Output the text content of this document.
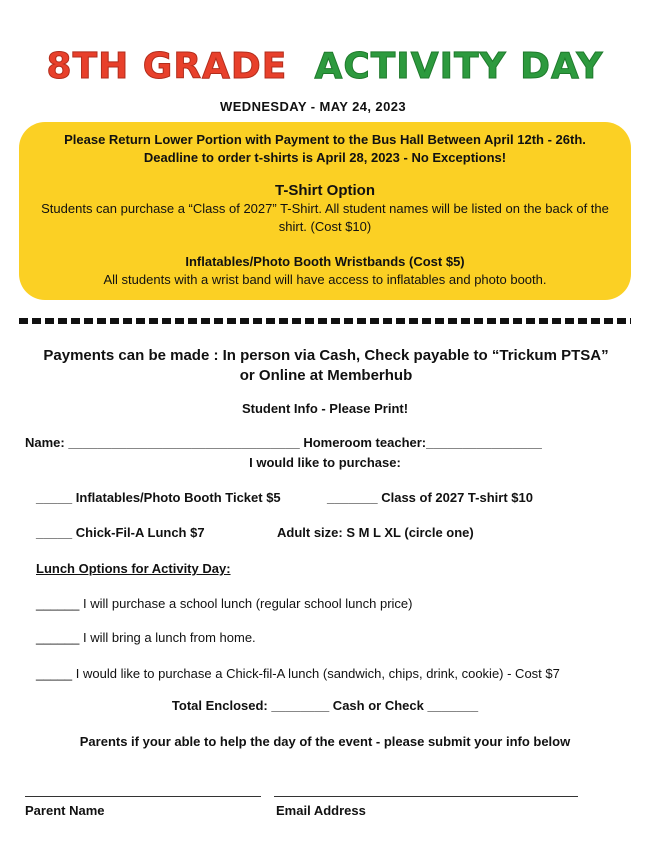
8TH GRADE ACTIVITY DAY
WEDNESDAY - MAY 24, 2023
Please Return Lower Portion with Payment to the Bus Hall Between April 12th - 26th.
Deadline to order t-shirts is April 28, 2023 - No Exceptions!
T-Shirt Option
Students can purchase a “Class of 2027” T-Shirt. All student names will be listed on the back of the shirt. (Cost $10)
Inflatables/Photo Booth Wristbands (Cost $5)
All students with a wrist band will have access to inflatables and photo booth.
Payments can be made : In person via Cash, Check payable to “Trickum PTSA” or Online at Memberhub
Student Info - Please Print!
Name: ________________________________ Homeroom teacher:________________
I would like to purchase:
_____ Inflatables/Photo Booth Ticket $5	_______ Class of 2027 T-shirt $10
_____ Chick-Fil-A Lunch $7	Adult size: S M L XL (circle one)
Lunch Options for Activity Day:
______ I will purchase a school lunch (regular school lunch price)
______ I will bring a lunch from home.
_____ I would like to purchase a Chick-fil-A lunch (sandwich, chips, drink, cookie) - Cost $7
Total Enclosed: ________ Cash or Check _______
Parents if your able to help the day of the event - please submit your info below
Parent Name	Email Address
